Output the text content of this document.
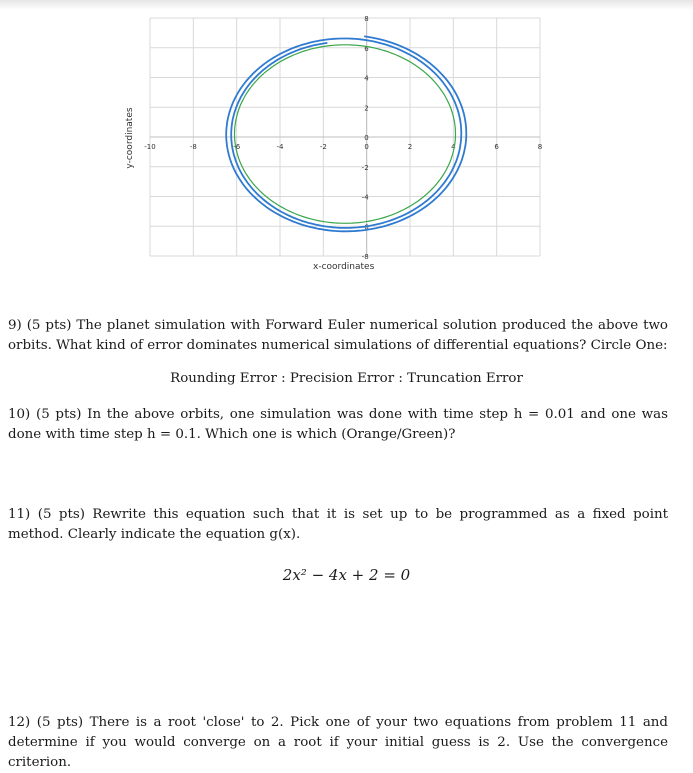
-10	-8	-6	-4	-2	0	2	4	6	8
8
6
4
2
0
-2
-4
-6
-8
x-coordinates
y-coordinates
9) (5 pts) The planet simulation with Forward Euler numerical solution produced the above two orbits. What kind of error dominates numerical simulations of differential equations? Circle One:
Rounding Error : Precision Error : Truncation Error
10) (5 pts) In the above orbits, one simulation was done with time step h = 0.01 and one was done with time step h = 0.1. Which one is which (Orange/Green)?
11) (5 pts) Rewrite this equation such that it is set up to be programmed as a fixed point method. Clearly indicate the equation g(x).
2x² − 4x + 2 = 0
12) (5 pts) There is a root 'close' to 2. Pick one of your two equations from problem 11 and determine if you would converge on a root if your initial guess is 2. Use the convergence criterion.
